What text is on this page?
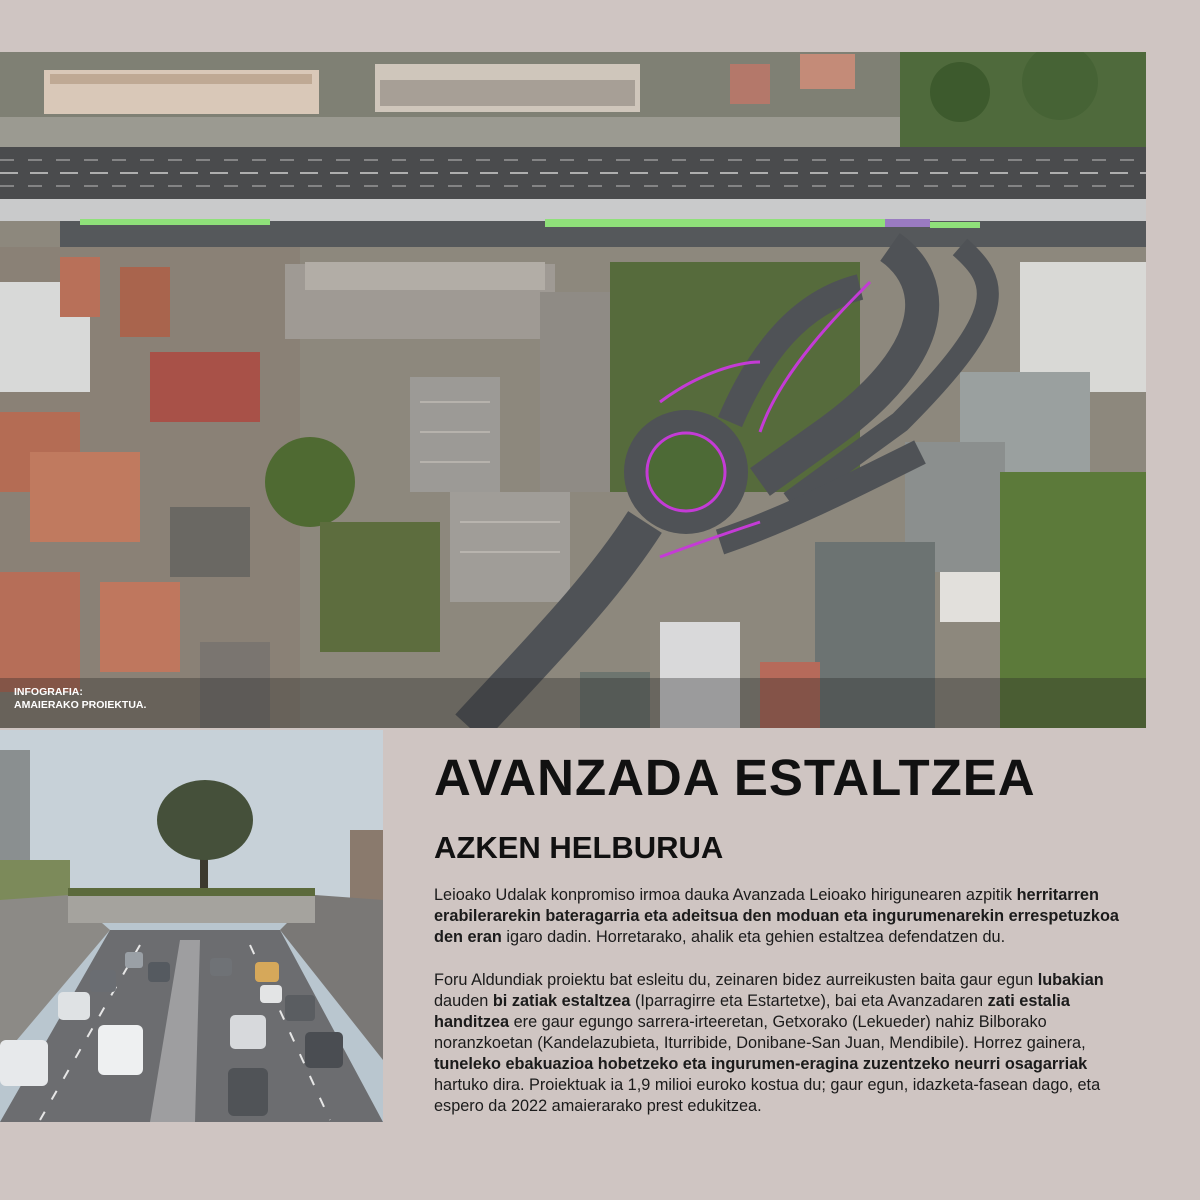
INFOGRAFIA:
AMAIERAKO PROIEKTUA.
AVANZADA ESTALTZEA
AZKEN HELBURUA

Leioako Udalak konpromiso irmoa dauka Avanzada Leioako hirigunearen azpitik herritarren erabilerarekin bateragarria eta adeitsua den moduan eta ingurumenarekin errespetuzkoa den eran igaro dadin. Horretarako, ahalik eta gehien estaltzea defendatzen du.

Foru Aldundiak proiektu bat esleitu du, zeinaren bidez aurreikusten baita gaur egun lubakian dauden bi zatiak estaltzea (Iparragirre eta Estartetxe), bai eta Avanzadaren zati estalia handitzea ere gaur egungo sarrera-irteeretan, Getxorako (Lekueder) nahiz Bilborako noranzkoetan (Kandelazubieta, Iturribide, Donibane-San Juan, Mendibile). Horrez gainera, tuneleko ebakuazioa hobetzeko eta ingurumen-eragina zuzentzeko neurri osagarriak hartuko dira. Proiektuak ia 1,9 milioi euroko kostua du; gaur egun, idazketa-fasean dago, eta espero da 2022 amaierarako prest edukitzea.
